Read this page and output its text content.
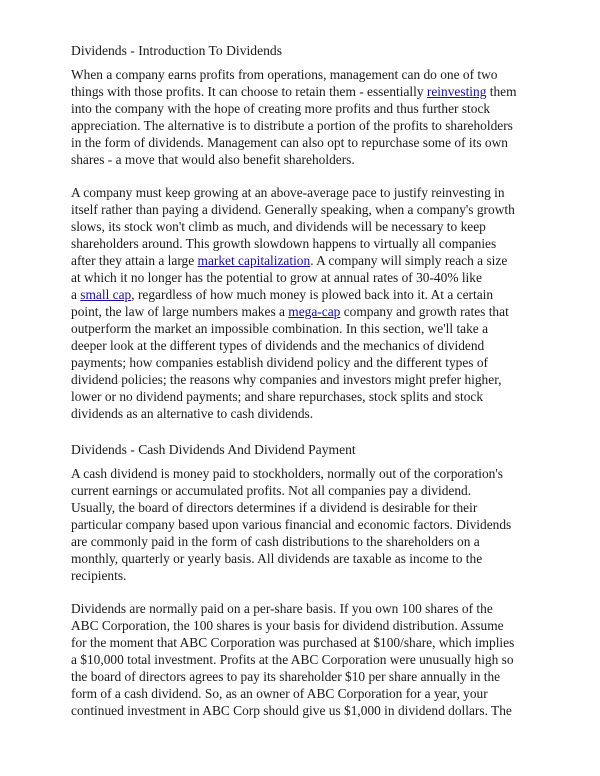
Dividends - Introduction To Dividends
When a company earns profits from operations, management can do one of two
things with those profits. It can choose to retain them - essentially reinvesting them
into the company with the hope of creating more profits and thus further stock
appreciation. The alternative is to distribute a portion of the profits to shareholders
in the form of dividends. Management can also opt to repurchase some of its own
shares - a move that would also benefit shareholders.
A company must keep growing at an above-average pace to justify reinvesting in
itself rather than paying a dividend. Generally speaking, when a company's growth
slows, its stock won't climb as much, and dividends will be necessary to keep
shareholders around. This growth slowdown happens to virtually all companies
after they attain a large market capitalization. A company will simply reach a size
at which it no longer has the potential to grow at annual rates of 30-40% like
a small cap, regardless of how much money is plowed back into it. At a certain
point, the law of large numbers makes a mega-cap company and growth rates that
outperform the market an impossible combination. In this section, we'll take a
deeper look at the different types of dividends and the mechanics of dividend
payments; how companies establish dividend policy and the different types of
dividend policies; the reasons why companies and investors might prefer higher,
lower or no dividend payments; and share repurchases, stock splits and stock
dividends as an alternative to cash dividends.
Dividends - Cash Dividends And Dividend Payment
A cash dividend is money paid to stockholders, normally out of the corporation's
current earnings or accumulated profits. Not all companies pay a dividend.
Usually, the board of directors determines if a dividend is desirable for their
particular company based upon various financial and economic factors. Dividends
are commonly paid in the form of cash distributions to the shareholders on a
monthly, quarterly or yearly basis. All dividends are taxable as income to the
recipients.
Dividends are normally paid on a per-share basis. If you own 100 shares of the
ABC Corporation, the 100 shares is your basis for dividend distribution. Assume
for the moment that ABC Corporation was purchased at $100/share, which implies
a $10,000 total investment. Profits at the ABC Corporation were unusually high so
the board of directors agrees to pay its shareholder $10 per share annually in the
form of a cash dividend. So, as an owner of ABC Corporation for a year, your
continued investment in ABC Corp should give us $1,000 in dividend dollars. The
